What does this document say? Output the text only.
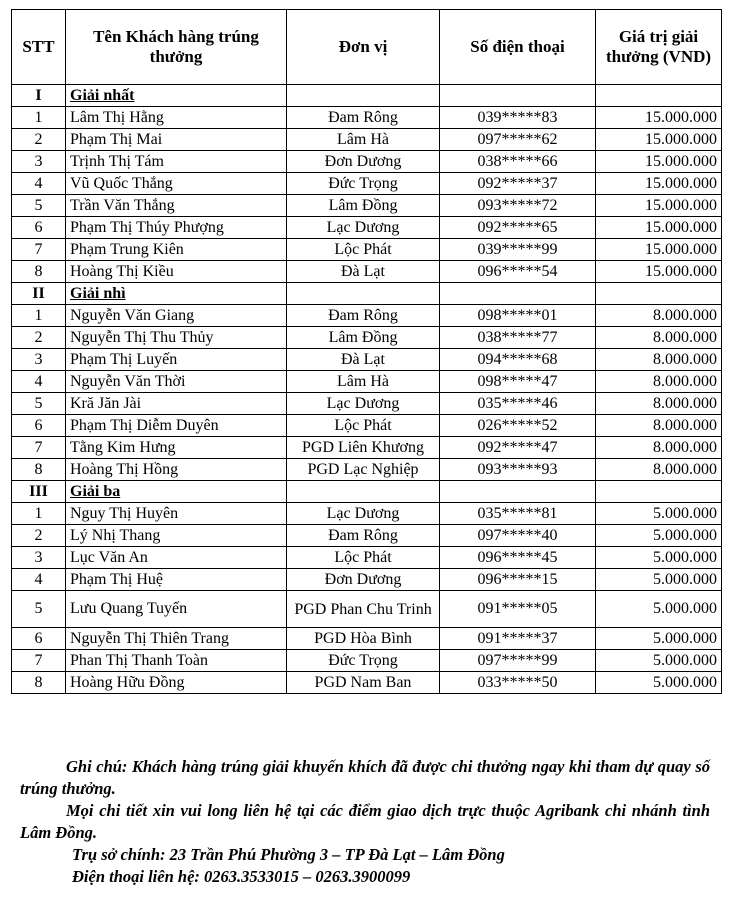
STT	Tên Khách hàng trúng thưởng	Đơn vị	Số điện thoại	Giá trị giải thưởng (VND)
I	Giải nhất			
1	Lâm Thị Hằng	Đam Rông	039*****83	15.000.000
2	Phạm Thị Mai	Lâm Hà	097*****62	15.000.000
3	Trịnh Thị Tám	Đơn Dương	038*****66	15.000.000
4	Vũ Quốc Thắng	Đức Trọng	092*****37	15.000.000
5	Trần Văn Thắng	Lâm Đồng	093*****72	15.000.000
6	Phạm Thị Thúy Phượng	Lạc Dương	092*****65	15.000.000
7	Phạm Trung Kiên	Lộc Phát	039*****99	15.000.000
8	Hoàng Thị Kiều	Đà Lạt	096*****54	15.000.000
II	Giải nhì			
1	Nguyễn Văn Giang	Đam Rông	098*****01	8.000.000
2	Nguyễn Thị Thu Thủy	Lâm Đồng	038*****77	8.000.000
3	Phạm Thị Luyến	Đà Lạt	094*****68	8.000.000
4	Nguyễn Văn Thời	Lâm Hà	098*****47	8.000.000
5	Kră Jăn Jài	Lạc Dương	035*****46	8.000.000
6	Phạm Thị Diễm Duyên	Lộc Phát	026*****52	8.000.000
7	Tằng Kim Hưng	PGD Liên Khương	092*****47	8.000.000
8	Hoàng Thị Hồng	PGD Lạc Nghiệp	093*****93	8.000.000
III	Giải ba			
1	Nguy Thị Huyên	Lạc Dương	035*****81	5.000.000
2	Lý Nhị Thang	Đam Rông	097*****40	5.000.000
3	Lục Văn An	Lộc Phát	096*****45	5.000.000
4	Phạm Thị Huệ	Đơn Dương	096*****15	5.000.000
5	Lưu Quang Tuyến	PGD Phan Chu Trinh	091*****05	5.000.000
6	Nguyễn Thị Thiên Trang	PGD Hòa Bình	091*****37	5.000.000
7	Phan Thị Thanh Toàn	Đức Trọng	097*****99	5.000.000
8	Hoàng Hữu Đồng	PGD Nam Ban	033*****50	5.000.000

Ghi chú: Khách hàng trúng giải khuyến khích đã được chi thưởng ngay khi tham dự quay số trúng thưởng.

Mọi chi tiết xin vui long liên hệ tại các điểm giao dịch trực thuộc Agribank chi nhánh tình Lâm Đồng.

Trụ sở chính: 23 Trần Phú Phường 3 – TP Đà Lạt – Lâm Đồng

Điện thoại liên hệ: 0263.3533015 – 0263.3900099
